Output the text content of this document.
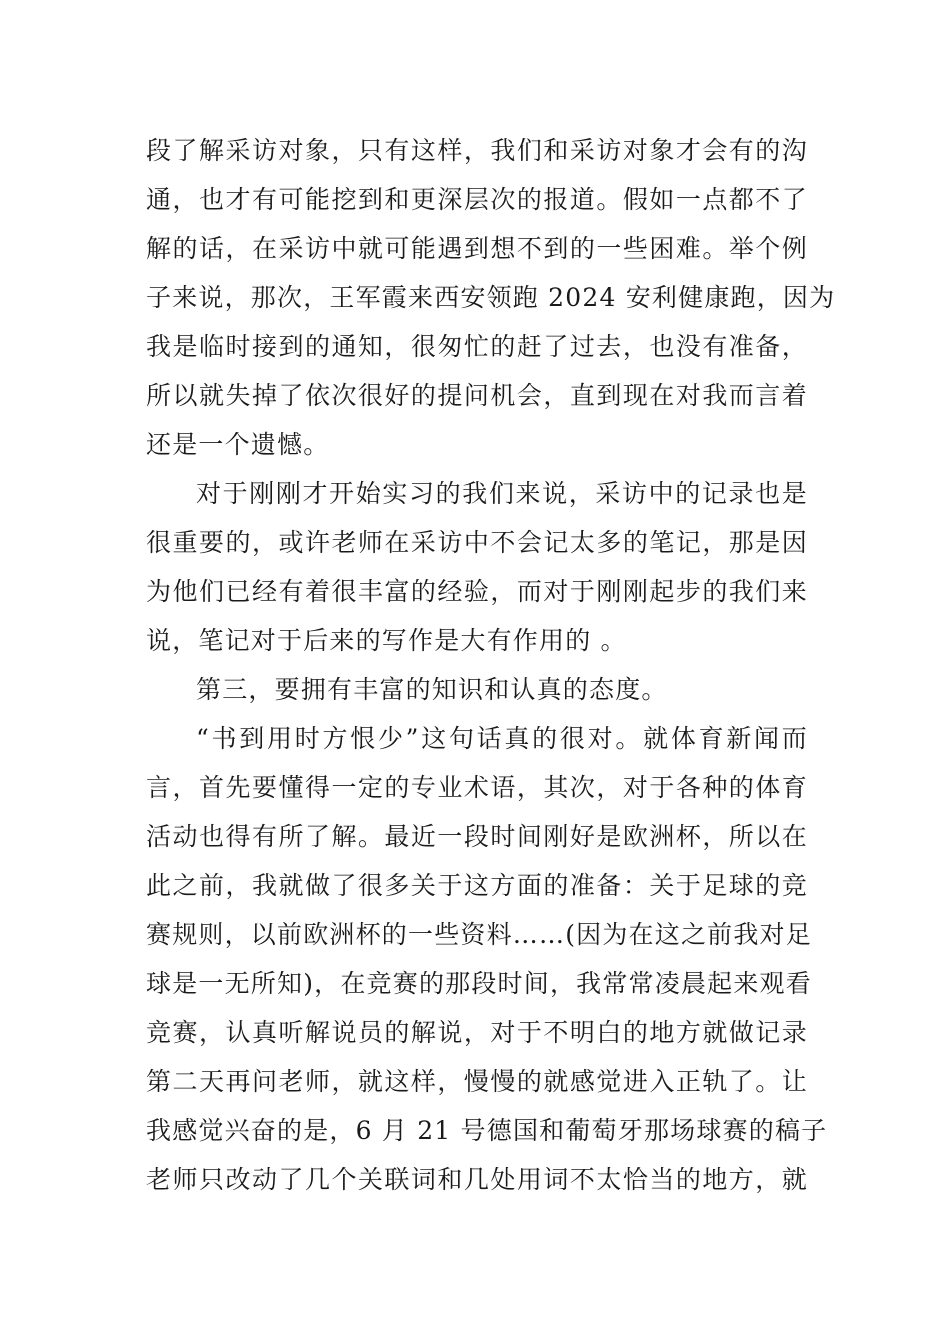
段了解采访对象，只有这样，我们和采访对象才会有的沟
通，也才有可能挖到和更深层次的报道。假如一点都不了
解的话，在采访中就可能遇到想不到的一些困难。举个例
子来说，那次，王军霞来西安领跑 2024 安利健康跑，因为
我是临时接到的通知，很匆忙的赶了过去，也没有准备，
所以就失掉了依次很好的提问机会，直到现在对我而言着
还是一个遗憾。
对于刚刚才开始实习的我们来说，采访中的记录也是
很重要的，或许老师在采访中不会记太多的笔记，那是因
为他们已经有着很丰富的经验，而对于刚刚起步的我们来
说，笔记对于后来的写作是大有作用的 。
第三，要拥有丰富的知识和认真的态度。
“书到用时方恨少”这句话真的很对。就体育新闻而
言，首先要懂得一定的专业术语，其次，对于各种的体育
活动也得有所了解。最近一段时间刚好是欧洲杯，所以在
此之前，我就做了很多关于这方面的准备：关于足球的竞
赛规则，以前欧洲杯的一些资料……(因为在这之前我对足
球是一无所知)，在竞赛的那段时间，我常常凌晨起来观看
竞赛，认真听解说员的解说，对于不明白的地方就做记录
第二天再问老师，就这样，慢慢的就感觉进入正轨了。让
我感觉兴奋的是，6 月 21 号德国和葡萄牙那场球赛的稿子
老师只改动了几个关联词和几处用词不太恰当的地方，就
